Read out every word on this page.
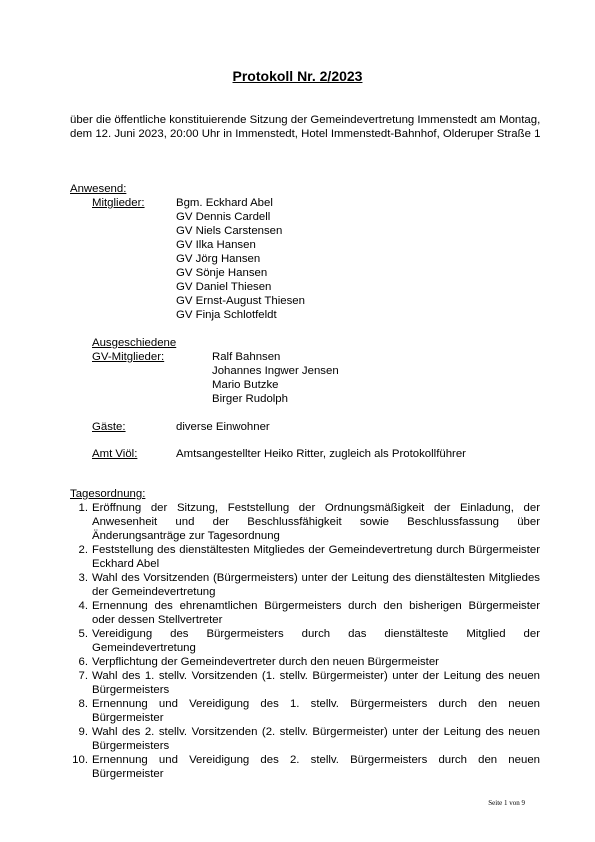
Protokoll Nr. 2/2023
über die öffentliche konstituierende Sitzung der Gemeindevertretung Immenstedt am Montag, dem 12. Juni 2023, 20:00 Uhr in Immenstedt, Hotel Immenstedt-Bahnhof, Olderuper Straße 1
Anwesend:
Mitglieder:	Bgm. Eckhard Abel
GV Dennis Cardell
GV Niels Carstensen
GV Ilka Hansen
GV Jörg Hansen
GV Sönje Hansen
GV Daniel Thiesen
GV Ernst-August Thiesen
GV Finja Schlotfeldt
Ausgeschiedene
GV-Mitglieder:	Ralf Bahnsen
Johannes Ingwer Jensen
Mario Butzke
Birger Rudolph
Gäste:	diverse Einwohner
Amt Viöl:	Amtsangestellter Heiko Ritter, zugleich als Protokollführer
Tagesordnung:
1. Eröffnung der Sitzung, Feststellung der Ordnungsmäßigkeit der Einladung, der Anwesenheit und der Beschlussfähigkeit sowie Beschlussfassung über Änderungsanträge zur Tagesordnung
2. Feststellung des dienstältesten Mitgliedes der Gemeindevertretung durch Bürgermeister Eckhard Abel
3. Wahl des Vorsitzenden (Bürgermeisters) unter der Leitung des dienstältesten Mitgliedes der Gemeindevertretung
4. Ernennung des ehrenamtlichen Bürgermeisters durch den bisherigen Bürgermeister oder dessen Stellvertreter
5. Vereidigung des Bürgermeisters durch das dienstälteste Mitglied der Gemeindevertretung
6. Verpflichtung der Gemeindevertreter durch den neuen Bürgermeister
7. Wahl des 1. stellv. Vorsitzenden (1. stellv. Bürgermeister) unter der Leitung des neuen Bürgermeisters
8. Ernennung und Vereidigung des 1. stellv. Bürgermeisters durch den neuen Bürgermeister
9. Wahl des 2. stellv. Vorsitzenden (2. stellv. Bürgermeister) unter der Leitung des neuen Bürgermeisters
10. Ernennung und Vereidigung des 2. stellv. Bürgermeisters durch den neuen Bürgermeister
Seite 1 von 9
